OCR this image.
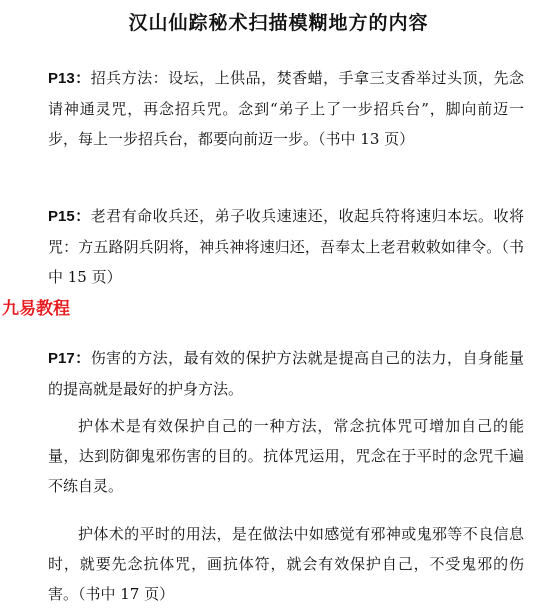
汉山仙踪秘术扫描模糊地方的内容

P13：招兵方法：设坛，上供品，焚香蜡，手拿三支香举过头顶，先念请神通灵咒，再念招兵咒。念到“弟子上了一步招兵台”，脚向前迈一步，每上一步招兵台，都要向前迈一步。（书中 13 页）

P15：老君有命收兵还，弟子收兵速速还，收起兵符将速归本坛。收将咒：方五路阴兵阴将，神兵神将速归还，吾奉太上老君敕敕如律令。（书中 15 页）

九易教程

P17：伤害的方法，最有效的保护方法就是提高自己的法力，自身能量的提高就是最好的护身方法。

护体术是有效保护自己的一种方法，常念抗体咒可增加自己的能量，达到防御鬼邪伤害的目的。抗体咒运用，咒念在于平时的念咒千遍不练自灵。

护体术的平时的用法，是在做法中如感觉有邪神或鬼邪等不良信息时，就要先念抗体咒，画抗体符，就会有效保护自己，不受鬼邪的伤害。（书中 17 页）
